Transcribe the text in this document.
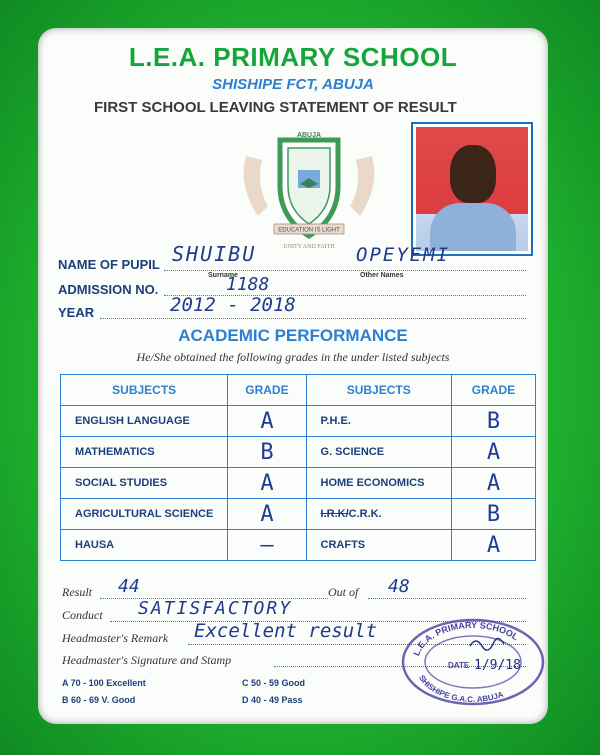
L.E.A. PRIMARY SCHOOL
SHISHIPE FCT, ABUJA
FIRST SCHOOL LEAVING STATEMENT OF RESULT
EDUCATION IS LIGHT
ABUJA
UNITY AND FAITH
NAME OF PUPIL SHUIBU	OPEYEMI
Surname	Other Names
ADMISSION NO.	1188
YEAR	2012 - 2018
ACADEMIC PERFORMANCE
He/She obtained the following grades in the under listed subjects
SUBJECTS	GRADE	SUBJECTS	GRADE
ENGLISH LANGUAGE	A	P.H.E.	B
MATHEMATICS	B	G. SCIENCE	A
SOCIAL STUDIES	A	HOME ECONOMICS	A
AGRICULTURAL SCIENCE	A	I.R.K/C.R.K.	B
HAUSA	—	CRAFTS	A
Result 44	Out of 48
Conduct SATISFACTORY
Headmaster's Remark Excellent result
Headmaster's Signature and Stamp
A 70 - 100 Excellent
B 60 - 69 V. Good
C 50 - 59 Good
D 40 - 49 Pass
L.E.A. PRIMARY SCHOOL
SHISHIPE G.A.C. ABUJA
DATE 1/9/18
